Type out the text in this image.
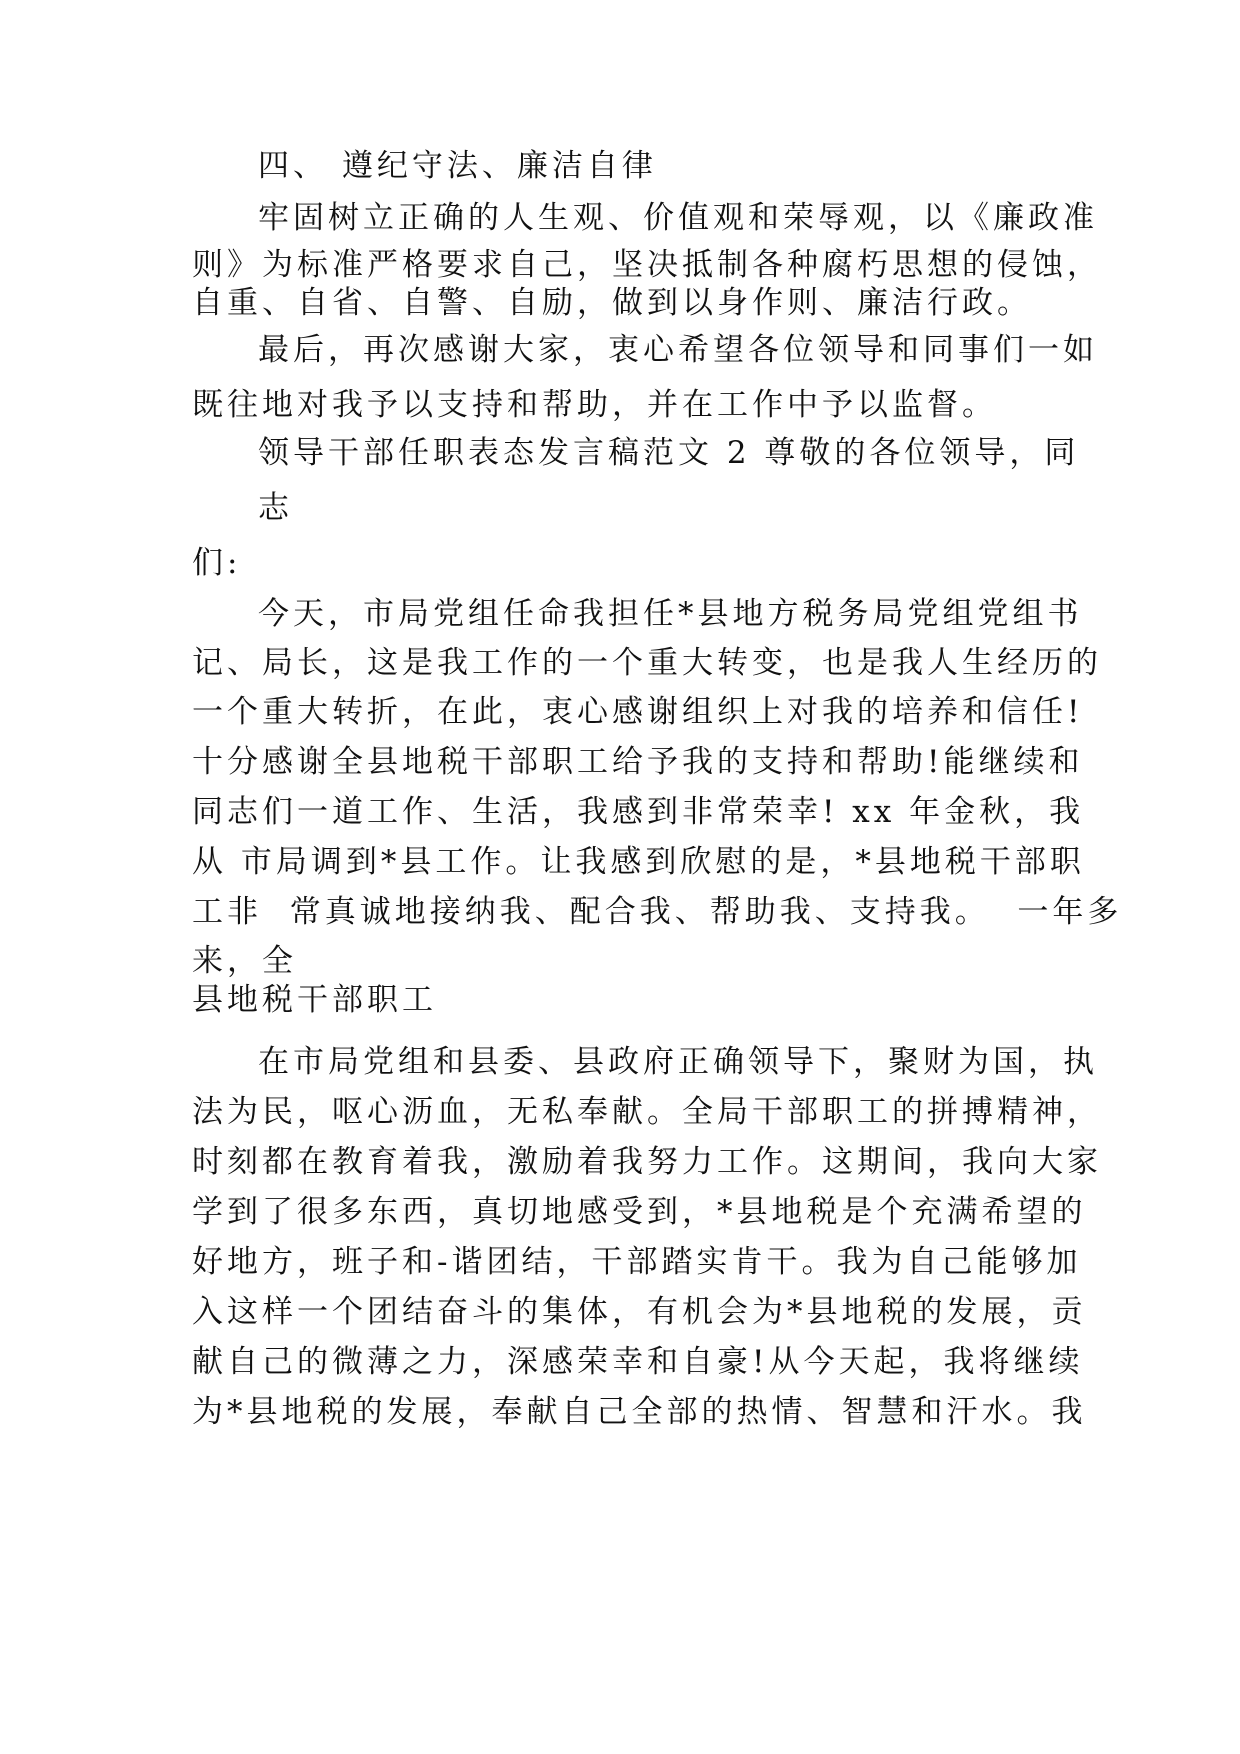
四、 遵纪守法、廉洁自律
牢固树立正确的人生观、价值观和荣辱观，以《廉政准
则》为标准严格要求自己，坚决抵制各种腐朽思想的侵蚀，
自重、自省、自警、自励，做到以身作则、廉洁行政。
最后，再次感谢大家，衷心希望各位领导和同事们一如
既往地对我予以支持和帮助，并在工作中予以监督。
领导干部任职表态发言稿范文 2 尊敬的各位领导，同
志
们:
今天，市局党组任命我担任*县地方税务局党组党组书
记、局长，这是我工作的一个重大转变，也是我人生经历的
一个重大转折，在此，衷心感谢组织上对我的培养和信任!
十分感谢全县地税干部职工给予我的支持和帮助!能继续和
同志们一道工作、生活，我感到非常荣幸! xx 年金秋，我
从 市局调到*县工作。让我感到欣慰的是，*县地税干部职
工非  常真诚地接纳我、配合我、帮助我、支持我。  一年多
来，全
县地税干部职工
在市局党组和县委、县政府正确领导下，聚财为国，执
法为民，呕心沥血，无私奉献。全局干部职工的拼搏精神，
时刻都在教育着我，激励着我努力工作。这期间，我向大家
学到了很多东西，真切地感受到，*县地税是个充满希望的
好地方，班子和-谐团结，干部踏实肯干。我为自己能够加
入这样一个团结奋斗的集体，有机会为*县地税的发展，贡
献自己的微薄之力，深感荣幸和自豪!从今天起，我将继续
为*县地税的发展，奉献自己全部的热情、智慧和汗水。我
